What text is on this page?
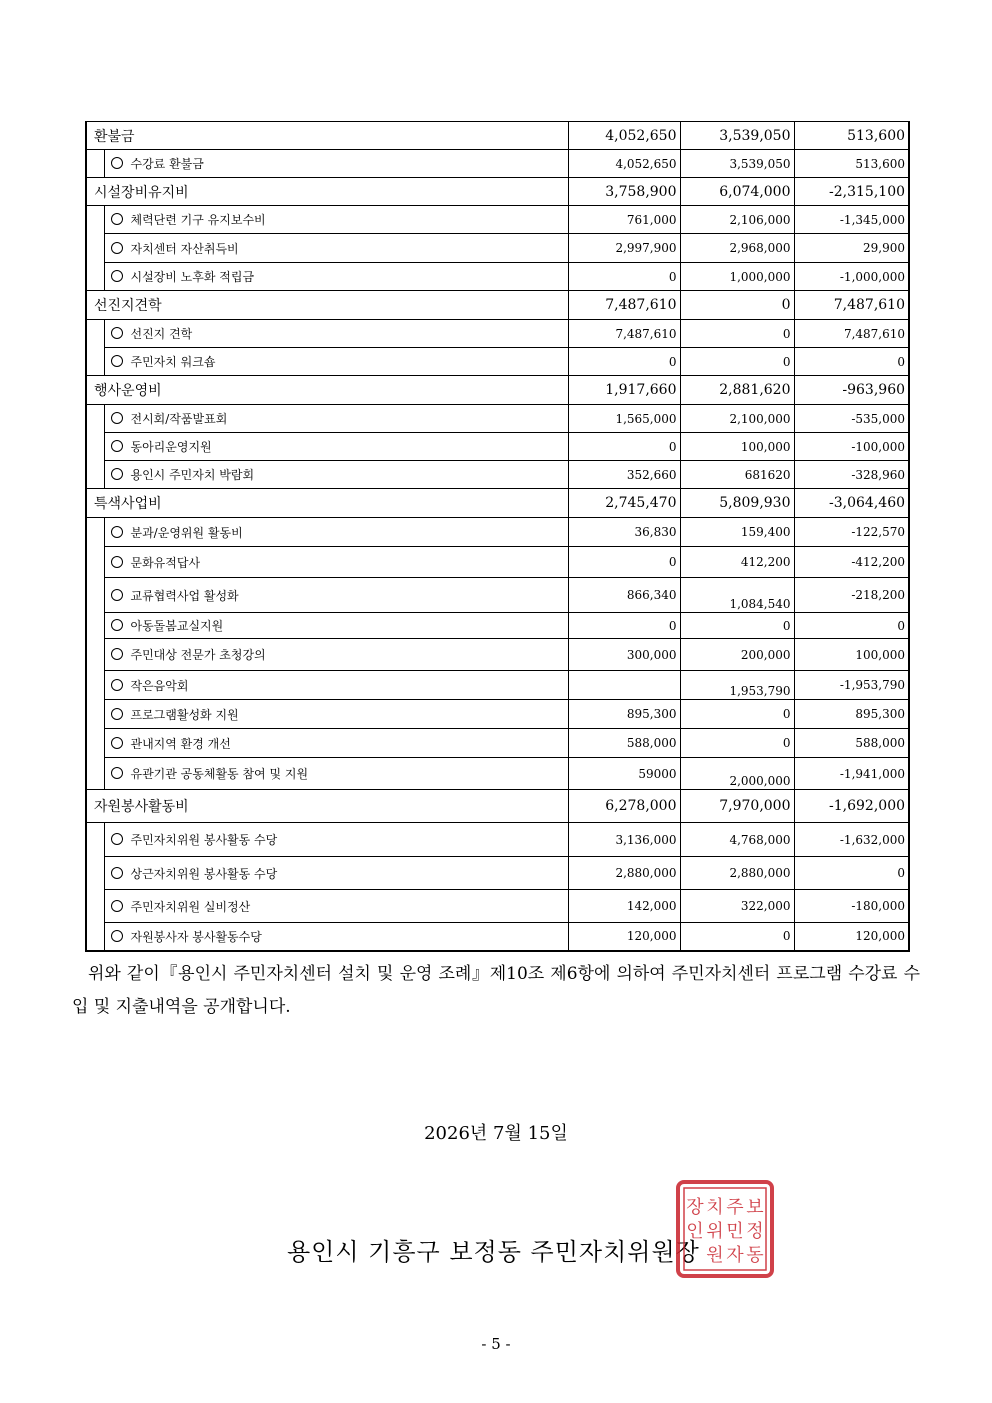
환불금		4,052,650	3,539,050	513,600
	수강료 환불금	4,052,650	3,539,050	513,600
시설장비유지비		3,758,900	6,074,000	-2,315,100
	체력단련 기구 유지보수비	761,000	2,106,000	-1,345,000
	자치센터 자산취득비	2,997,900	2,968,000	29,900
	시설장비 노후화 적립금	0	1,000,000	-1,000,000
선진지견학		7,487,610	0	7,487,610
	선진지 견학	7,487,610	0	7,487,610
	주민자치 워크숍	0	0	0
행사운영비		1,917,660	2,881,620	-963,960
	전시회/작품발표회	1,565,000	2,100,000	-535,000
	동아리운영지원	0	100,000	-100,000
	용인시 주민자치 박람회	352,660	681620	-328,960
특색사업비		2,745,470	5,809,930	-3,064,460
	분과/운영위원 활동비	36,830	159,400	-122,570
	문화유적답사	0	412,200	-412,200
	교류협력사업 활성화	866,340	1,084,540	-218,200
	아동돌봄교실지원	0	0	0
	주민대상 전문가 초청강의	300,000	200,000	100,000
	작은음악회		1,953,790	-1,953,790
	프로그램활성화 지원	895,300	0	895,300
	관내지역 환경 개선	588,000	0	588,000
	유관기관 공동체활동 참여 및 지원	59000	2,000,000	-1,941,000
자원봉사활동비		6,278,000	7,970,000	-1,692,000
	주민자치위원 봉사활동 수당	3,136,000	4,768,000	-1,632,000
	상근자치위원 봉사활동 수당	2,880,000	2,880,000	0
	주민자치위원 실비정산	142,000	322,000	-180,000
	자원봉사자 봉사활동수당	120,000	0	120,000
위와 같이『용인시 주민자치센터 설치 및 운영 조례』제10조 제6항에 의하여 주민자치센터 프로그램 수강료 수입 및 지출내역을 공개합니다.
2026년 7월 15일
용인시 기흥구 보정동 주민자치위원장
보
정
동
주
민
자
치
위
원
장
인
- 5 -
